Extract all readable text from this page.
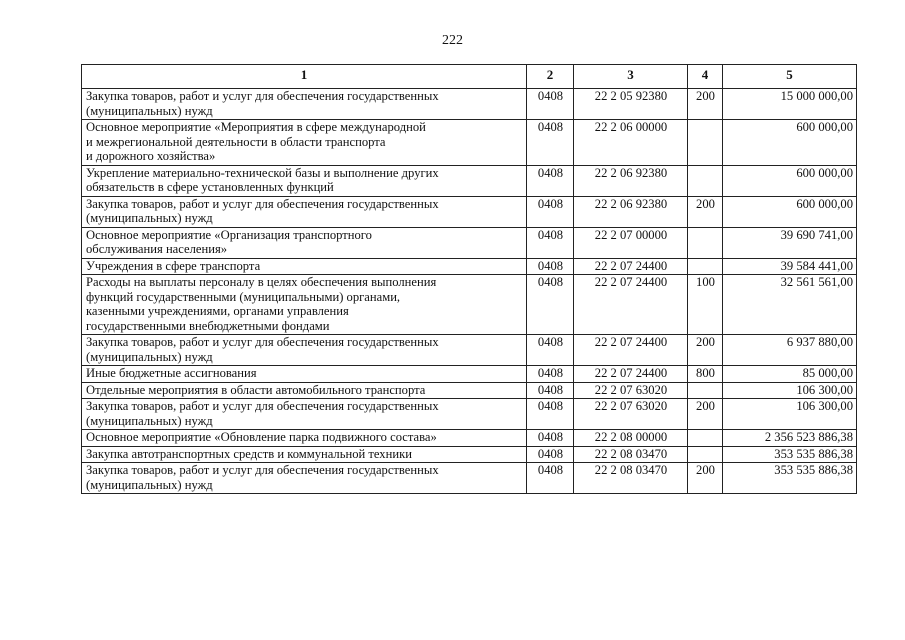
222
1	2	3	4	5
Закупка товаров, работ и услуг для обеспечения государственных
(муниципальных) нужд	0408	22 2 05 92380	200	15 000 000,00
Основное мероприятие «Мероприятия в сфере международной
и межрегиональной деятельности в области транспорта
и дорожного хозяйства»	0408	22 2 06 00000		600 000,00
Укрепление материально-технической базы и выполнение других
обязательств в сфере установленных функций	0408	22 2 06 92380		600 000,00
Закупка товаров, работ и услуг для обеспечения государственных
(муниципальных) нужд	0408	22 2 06 92380	200	600 000,00
Основное мероприятие «Организация транспортного
обслуживания населения»	0408	22 2 07 00000		39 690 741,00
Учреждения в сфере транспорта	0408	22 2 07 24400		39 584 441,00
Расходы на выплаты персоналу в целях обеспечения выполнения
функций государственными (муниципальными) органами,
казенными учреждениями, органами управления
государственными внебюджетными фондами	0408	22 2 07 24400	100	32 561 561,00
Закупка товаров, работ и услуг для обеспечения государственных
(муниципальных) нужд	0408	22 2 07 24400	200	6 937 880,00
Иные бюджетные ассигнования	0408	22 2 07 24400	800	85 000,00
Отдельные мероприятия в области автомобильного транспорта	0408	22 2 07 63020		106 300,00
Закупка товаров, работ и услуг для обеспечения государственных
(муниципальных) нужд	0408	22 2 07 63020	200	106 300,00
Основное мероприятие «Обновление парка подвижного состава»	0408	22 2 08 00000		2 356 523 886,38
Закупка автотранспортных средств и коммунальной техники	0408	22 2 08 03470		353 535 886,38
Закупка товаров, работ и услуг для обеспечения государственных
(муниципальных) нужд	0408	22 2 08 03470	200	353 535 886,38
